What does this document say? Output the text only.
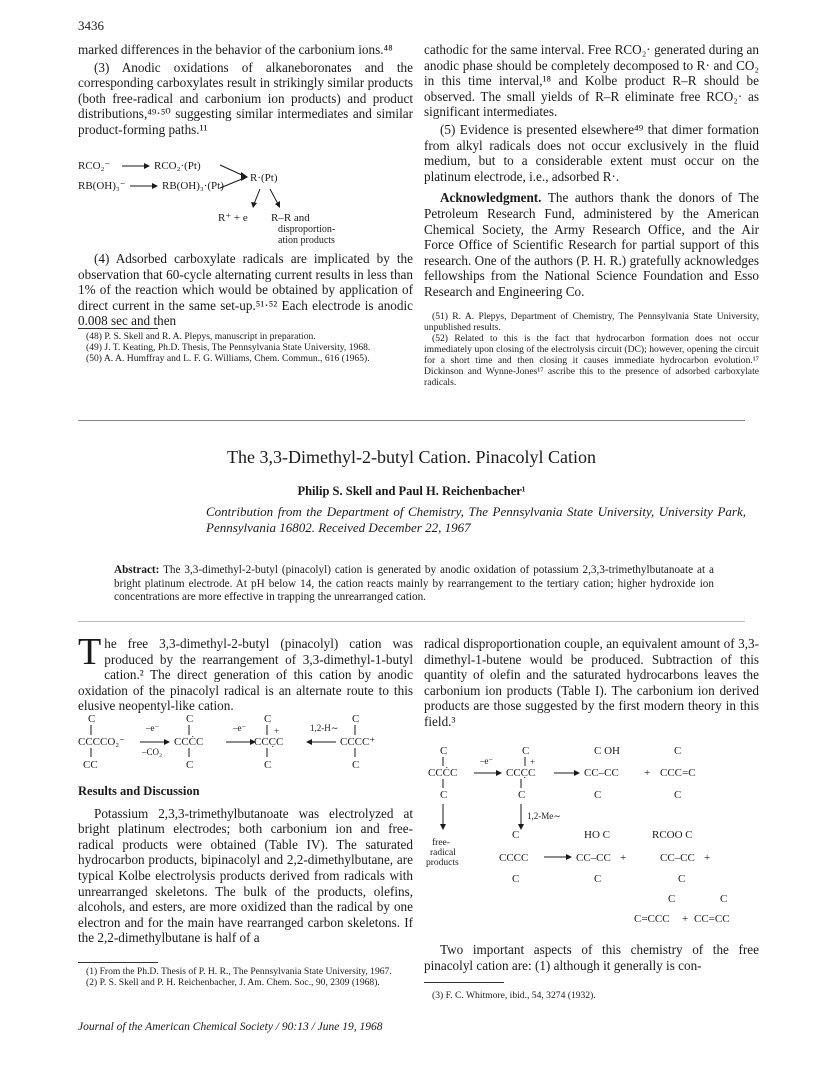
3436

marked differences in the behavior of the carbonium ions.⁴⁸

(3) Anodic oxidations of alkaneboronates and the corresponding carboxylates result in strikingly similar products (both free-radical and carbonium ion products) and product distributions,⁴⁹·⁵⁰ suggesting similar intermediates and similar product-forming paths.¹¹

RCO₂⁻	RCO₂·(Pt)
RB(OH)₃⁻	RB(OH)₃·(Pt)
R·(Pt)
R⁺ + e R–R and
disproportion-
ation products

(4) Adsorbed carboxylate radicals are implicated by the observation that 60-cycle alternating current results in less than 1% of the reaction which would be obtained by application of direct current in the same set-up.⁵¹·⁵² Each electrode is anodic 0.008 sec and then

(48) P. S. Skell and R. A. Plepys, manuscript in preparation.
(49) J. T. Keating, Ph.D. Thesis, The Pennsylvania State University, 1968.
(50) A. A. Humffray and L. F. G. Williams, Chem. Commun., 616 (1965).

cathodic for the same interval. Free RCO₂· generated during an anodic phase should be completely decomposed to R· and CO₂ in this time interval,¹⁸ and Kolbe product R–R should be observed. The small yields of R–R eliminate free RCO₂· as significant intermediates.

(5) Evidence is presented elsewhere⁴⁹ that dimer formation from alkyl radicals does not occur exclusively in the fluid medium, but to a considerable extent must occur on the platinum electrode, i.e., adsorbed R·.

Acknowledgment. The authors thank the donors of The Petroleum Research Fund, administered by the American Chemical Society, the Army Research Office, and the Air Force Office of Scientific Research for partial support of this research. One of the authors (P. H. R.) gratefully acknowledges fellowships from the National Science Foundation and Esso Research and Engineering Co.

(51) R. A. Plepys, Department of Chemistry, The Pennsylvania State University, unpublished results.
(52) Related to this is the fact that hydrocarbon formation does not occur immediately upon closing of the electrolysis circuit (DC); however, opening the circuit for a short time and then closing it causes immediate hydrocarbon evolution.¹⁷ Dickinson and Wynne-Jones¹⁷ ascribe this to the presence of adsorbed carboxylate radicals.
The 3,3-Dimethyl-2-butyl Cation. Pinacolyl Cation
Philip S. Skell and Paul H. Reichenbacher¹
Contribution from the Department of Chemistry, The Pennsylvania State University, University Park, Pennsylvania 16802. Received December 22, 1967
Abstract: The 3,3-dimethyl-2-butyl (pinacolyl) cation is generated by anodic oxidation of potassium 2,3,3-trimethylbutanoate at a bright platinum electrode. At pH below 14, the cation reacts mainly by rearrangement to the tertiary cation; higher hydroxide ion concentrations are more effective in trapping the unrearranged cation.

The free 3,3-dimethyl-2-butyl (pinacolyl) cation was produced by the rearrangement of 3,3-dimethyl-1-butyl cation.² The direct generation of this cation by anodic oxidation of the pinacolyl radical is an alternate route to this elusive neopentyl-like cation.

C
CCCCO₂⁻
CC
–e⁻
–CO₂
C
CCĊC
C
–e⁻
C
+
CCC̣C
C
1,2-H∼
C
CCCC⁺
C

Results and Discussion

Potassium 2,3,3-trimethylbutanoate was electrolyzed at bright platinum electrodes; both carbonium ion and free-radical products were obtained (Table IV). The saturated hydrocarbon products, bipinacolyl and 2,2-dimethylbutane, are typical Kolbe electrolysis products derived from radicals with unrearranged skeletons. The bulk of the products, olefins, alcohols, and esters, are more oxidized than the radical by one electron and for the main have rearranged carbon skeletons. If the 2,2-dimethylbutane is half of a

(1) From the Ph.D. Thesis of P. H. R., The Pennsylvania State University, 1967.
(2) P. S. Skell and P. H. Reichenbacher, J. Am. Chem. Soc., 90, 2309 (1968).

radical disproportionation couple, an equivalent amount of 3,3-dimethyl-1-butene would be produced. Subtraction of this quantity of olefin and the saturated hydrocarbons leaves the carbonium ion products (Table I). The carbonium ion derived products are those suggested by the first modern theory in this field.³

C
CCĊC
C
–e⁻
C
+
CCC̣C
C
C OH
CC–CC
C
+
C
CCC=C
C
1,2-Me∼
free-
radical
products
C
CCCC
C
HO C
CC–CC
C
+
RCOO C
CC–CC +
C
C	C
C=CCC + CC=CC

Two important aspects of this chemistry of the free pinacolyl cation are: (1) although it generally is con-

(3) F. C. Whitmore, ibid., 54, 3274 (1932).
Journal of the American Chemical Society / 90:13 / June 19, 1968
